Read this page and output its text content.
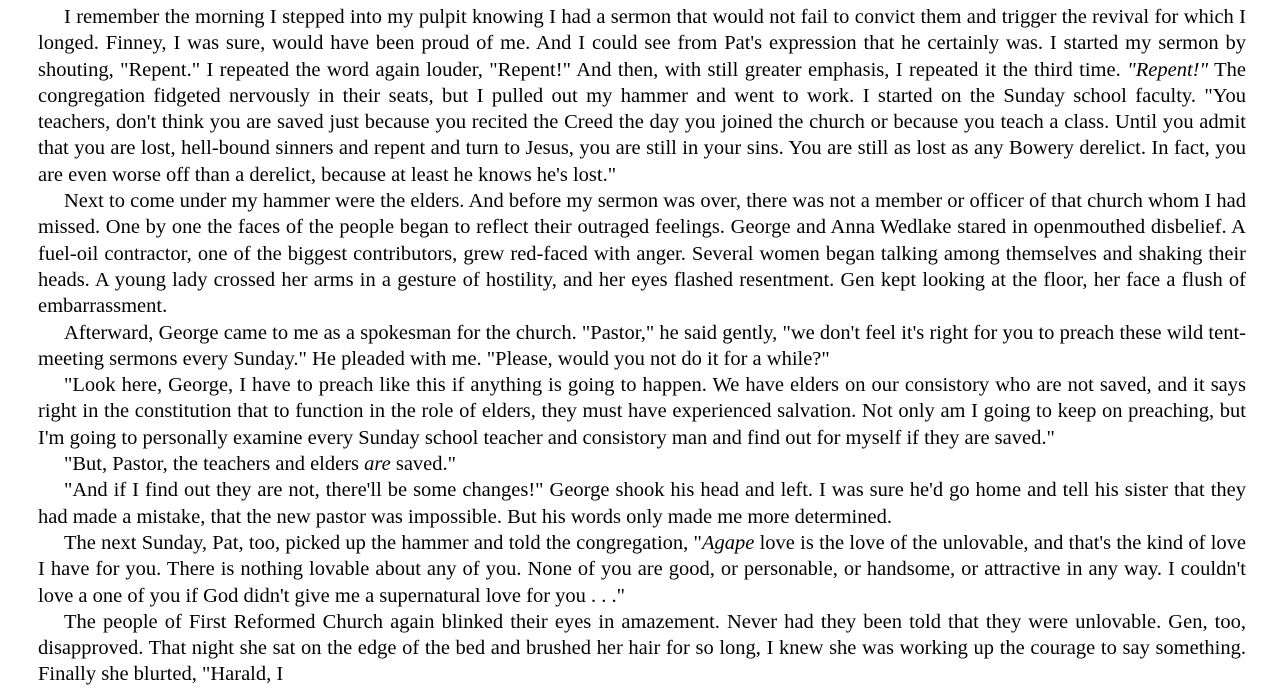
I remember the morning I stepped into my pulpit knowing I had a sermon that would not fail to convict them and trigger the revival for which I longed. Finney, I was sure, would have been proud of me. And I could see from Pat's expression that he certainly was. I started my sermon by shouting, "Repent." I repeated the word again louder, "Repent!" And then, with still greater emphasis, I repeated it the third time. "Repent!" The congregation fidgeted nervously in their seats, but I pulled out my hammer and went to work. I started on the Sunday school faculty. "You teachers, don't think you are saved just because you recited the Creed the day you joined the church or because you teach a class. Until you admit that you are lost, hell-bound sinners and repent and turn to Jesus, you are still in your sins. You are still as lost as any Bowery derelict. In fact, you are even worse off than a derelict, because at least he knows he's lost."

Next to come under my hammer were the elders. And before my sermon was over, there was not a member or officer of that church whom I had missed. One by one the faces of the people began to reflect their outraged feelings. George and Anna Wedlake stared in openmouthed disbelief. A fuel-oil contractor, one of the biggest contributors, grew red-faced with anger. Several women began talking among themselves and shaking their heads. A young lady crossed her arms in a gesture of hostility, and her eyes flashed resentment. Gen kept looking at the floor, her face a flush of embarrassment.

Afterward, George came to me as a spokesman for the church. "Pastor," he said gently, "we don't feel it's right for you to preach these wild tent-meeting sermons every Sunday." He pleaded with me. "Please, would you not do it for a while?"

"Look here, George, I have to preach like this if anything is going to happen. We have elders on our consistory who are not saved, and it says right in the constitution that to function in the role of elders, they must have experienced salvation. Not only am I going to keep on preaching, but I'm going to personally examine every Sunday school teacher and consistory man and find out for myself if they are saved."

"But, Pastor, the teachers and elders are saved."

"And if I find out they are not, there'll be some changes!" George shook his head and left. I was sure he'd go home and tell his sister that they had made a mistake, that the new pastor was impossible. But his words only made me more determined.

The next Sunday, Pat, too, picked up the hammer and told the congregation, "Agape love is the love of the unlovable, and that's the kind of love I have for you. There is nothing lovable about any of you. None of you are good, or personable, or handsome, or attractive in any way. I couldn't love a one of you if God didn't give me a supernatural love for you . . ."

The people of First Reformed Church again blinked their eyes in amazement. Never had they been told that they were unlovable. Gen, too, disapproved. That night she sat on the edge of the bed and brushed her hair for so long, I knew she was working up the courage to say something. Finally she blurted, "Harald, I
